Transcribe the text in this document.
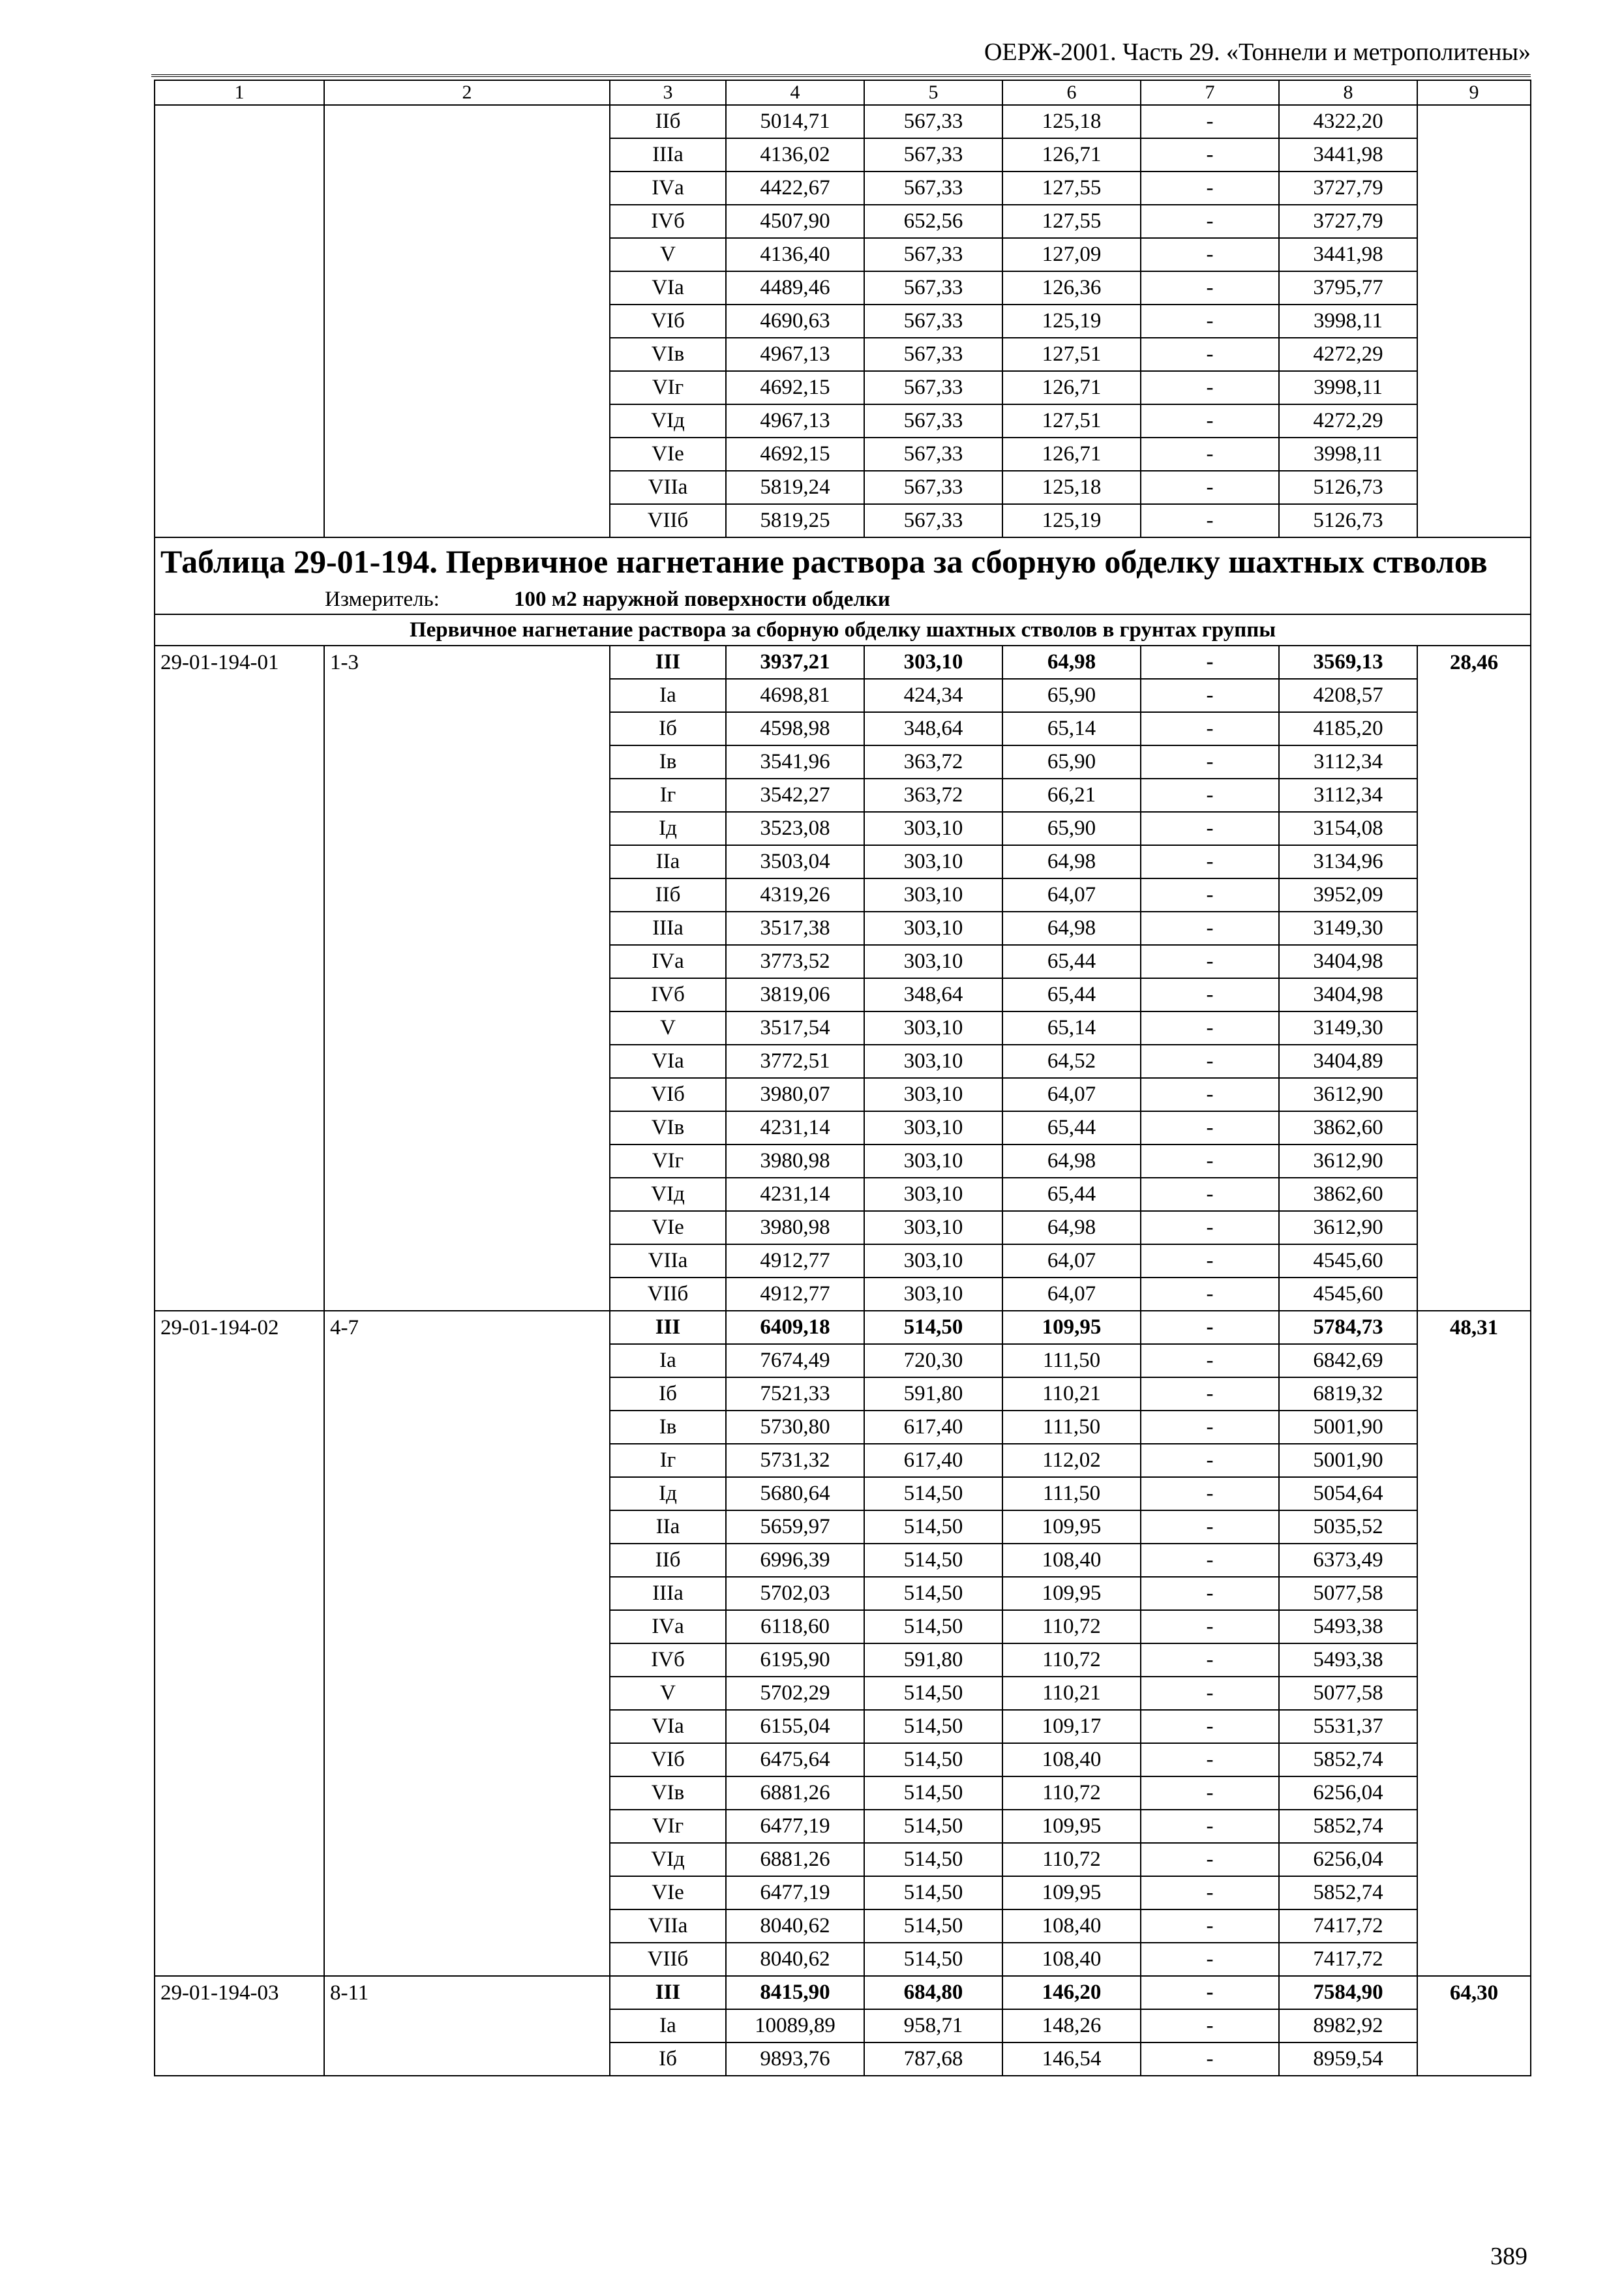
ОЕРЖ-2001. Часть 29. «Тоннели и метрополитены»
1	2	3	4	5	6	7	8	9
		IIб	5014,71	567,33	125,18	-	4322,20	
		IIIа	4136,02	567,33	126,71	-	3441,98	
		IVа	4422,67	567,33	127,55	-	3727,79	
		IVб	4507,90	652,56	127,55	-	3727,79	
		V	4136,40	567,33	127,09	-	3441,98	
		VIа	4489,46	567,33	126,36	-	3795,77	
		VIб	4690,63	567,33	125,19	-	3998,11	
		VIв	4967,13	567,33	127,51	-	4272,29	
		VIг	4692,15	567,33	126,71	-	3998,11	
		VIд	4967,13	567,33	127,51	-	4272,29	
		VIе	4692,15	567,33	126,71	-	3998,11	
		VIIа	5819,24	567,33	125,18	-	5126,73	
		VIIб	5819,25	567,33	125,19	-	5126,73	
Таблица 29-01-194. Первичное нагнетание раствора за сборную обделку шахтных стволов								
Измеритель: 100 м2 наружной поверхности обделки								
Первичное нагнетание раствора за сборную обделку шахтных стволов в грунтах группы								
29-01-194-01	1-3	III	3937,21	303,10	64,98	-	3569,13	28,46
		Iа	4698,81	424,34	65,90	-	4208,57	
		Iб	4598,98	348,64	65,14	-	4185,20	
		Iв	3541,96	363,72	65,90	-	3112,34	
		Iг	3542,27	363,72	66,21	-	3112,34	
		Iд	3523,08	303,10	65,90	-	3154,08	
		IIа	3503,04	303,10	64,98	-	3134,96	
		IIб	4319,26	303,10	64,07	-	3952,09	
		IIIа	3517,38	303,10	64,98	-	3149,30	
		IVа	3773,52	303,10	65,44	-	3404,98	
		IVб	3819,06	348,64	65,44	-	3404,98	
		V	3517,54	303,10	65,14	-	3149,30	
		VIа	3772,51	303,10	64,52	-	3404,89	
		VIб	3980,07	303,10	64,07	-	3612,90	
		VIв	4231,14	303,10	65,44	-	3862,60	
		VIг	3980,98	303,10	64,98	-	3612,90	
		VIд	4231,14	303,10	65,44	-	3862,60	
		VIе	3980,98	303,10	64,98	-	3612,90	
		VIIа	4912,77	303,10	64,07	-	4545,60	
		VIIб	4912,77	303,10	64,07	-	4545,60	
29-01-194-02	4-7	III	6409,18	514,50	109,95	-	5784,73	48,31
		Iа	7674,49	720,30	111,50	-	6842,69	
		Iб	7521,33	591,80	110,21	-	6819,32	
		Iв	5730,80	617,40	111,50	-	5001,90	
		Iг	5731,32	617,40	112,02	-	5001,90	
		Iд	5680,64	514,50	111,50	-	5054,64	
		IIа	5659,97	514,50	109,95	-	5035,52	
		IIб	6996,39	514,50	108,40	-	6373,49	
		IIIа	5702,03	514,50	109,95	-	5077,58	
		IVа	6118,60	514,50	110,72	-	5493,38	
		IVб	6195,90	591,80	110,72	-	5493,38	
		V	5702,29	514,50	110,21	-	5077,58	
		VIа	6155,04	514,50	109,17	-	5531,37	
		VIб	6475,64	514,50	108,40	-	5852,74	
		VIв	6881,26	514,50	110,72	-	6256,04	
		VIг	6477,19	514,50	109,95	-	5852,74	
		VIд	6881,26	514,50	110,72	-	6256,04	
		VIе	6477,19	514,50	109,95	-	5852,74	
		VIIа	8040,62	514,50	108,40	-	7417,72	
		VIIб	8040,62	514,50	108,40	-	7417,72	
29-01-194-03	8-11	III	8415,90	684,80	146,20	-	7584,90	64,30
		Iа	10089,89	958,71	148,26	-	8982,92	
		Iб	9893,76	787,68	146,54	-	8959,54	
389
